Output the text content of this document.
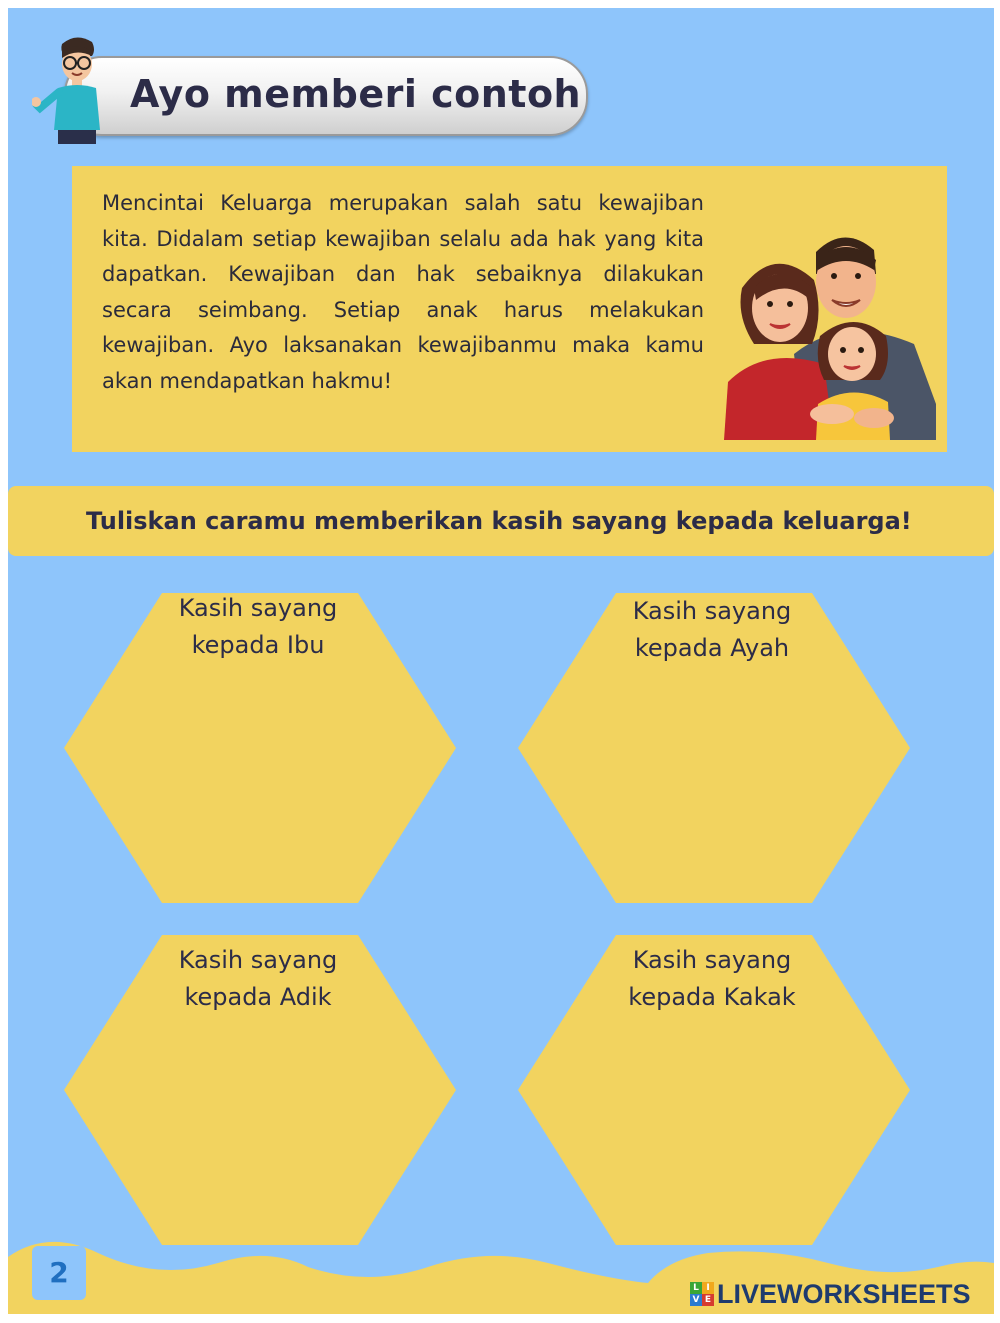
Ayo memberi contoh
Mencintai Keluarga merupakan salah satu kewajiban kita. Didalam setiap kewajiban selalu ada hak yang kita dapatkan. Kewajiban dan hak sebaiknya dilakukan secara seimbang. Setiap anak harus melakukan kewajiban. Ayo laksanakan kewajibanmu maka kamu akan mendapatkan hakmu!
Tuliskan caramu memberikan kasih sayang kepada keluarga!
Kasih sayang
kepada Ibu
Kasih sayang
kepada Ayah
Kasih sayang
kepada Adik
Kasih sayang
kepada Kakak
2	L I
V E LIVEWORKSHEETS
